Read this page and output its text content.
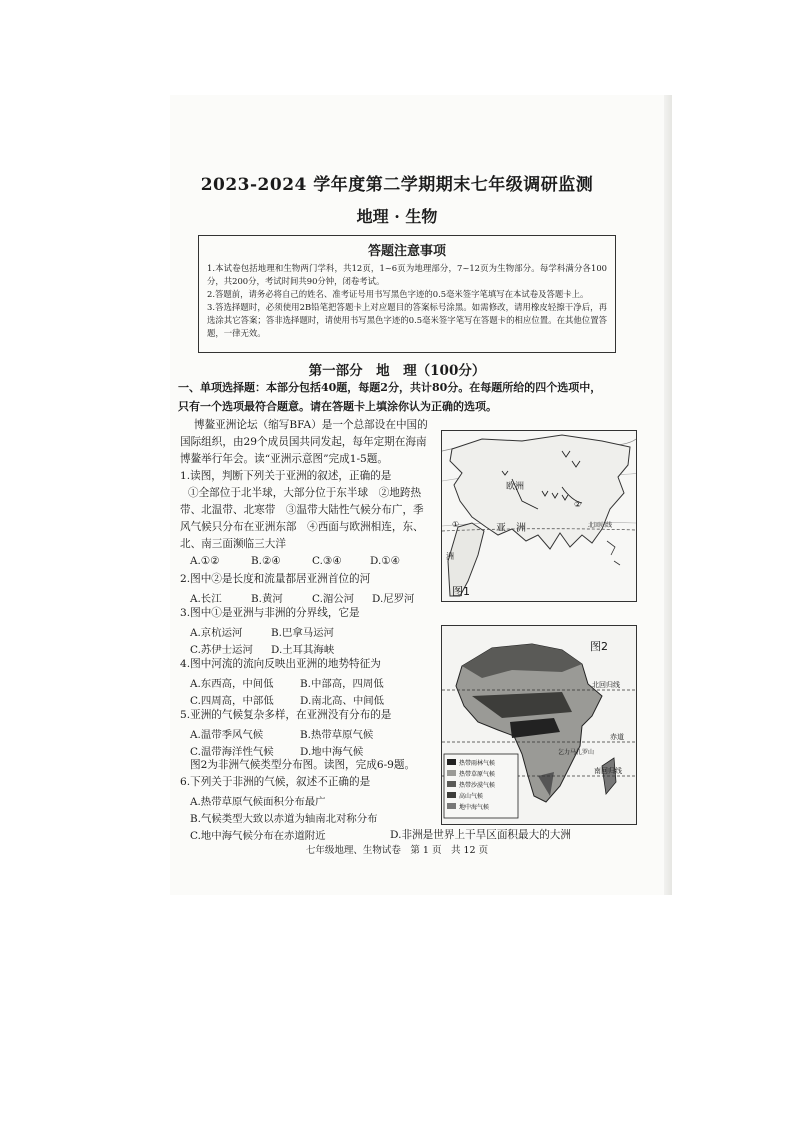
2023-2024 学年度第二学期期末七年级调研监测
地理 · 生物
答题注意事项

1.本试卷包括地理和生物两门学科，共12页，1~6页为地理部分，7~12页为生物部分。每学科满分各100分，共200分，考试时间共90分钟，闭卷考试。

2.答题前，请务必将自己的姓名、准考证号用书写黑色字迹的0.5毫米签字笔填写在本试卷及答题卡上。

3.答选择题时，必须使用2B铅笔把答题卡上对应题目的答案标号涂黑。如需修改，请用橡皮轻擦干净后，再选涂其它答案；答非选择题时，请使用书写黑色字迹的0.5毫米签字笔写在答题卡的相应位置。在其他位置答题，一律无效。

第一部分　地　理（100分）
一、单项选择题：本部分包括40题，每题2分，共计80分。在每题所给的四个选项中，
只有一个选项最符合题意。请在答题卡上填涂你认为正确的选项。
博鳌亚洲论坛（缩写BFA）是一个总部设在中国的
国际组织，由29个成员国共同发起，每年定期在海南
博鳌举行年会。读“亚洲示意图”完成1-5题。
1.读图，判断下列关于亚洲的叙述，正确的是
①全部位于北半球，大部分位于东半球　②地跨热
带、北温带、北寒带　③温带大陆性气候分布广，季
风气候只分布在亚洲东部　④西面与欧洲相连，东、
北、南三面濒临三大洋
A.①②	B.②④	C.③④	D.①④
2.图中②是长度和流量都居亚洲首位的河
A.长江	B.黄河	C.湄公河 D.尼罗河
3.图中①是亚洲与非洲的分界线，它是
A.京杭运河	B.巴拿马运河
C.苏伊士运河 D.土耳其海峡
4.图中河流的流向反映出亚洲的地势特征为
A.东西高，中间低	B.中部高，四周低
C.四周高，中部低	D.南北高、中间低
5.亚洲的气候复杂多样，在亚洲没有分布的是
A.温带季风气候	B.热带草原气候
C.温带海洋性气候	D.地中海气候
图2为非洲气候类型分布图。读图，完成6-9题。
6.下列关于非洲的气候，叙述不正确的是
A.热带草原气候面积分布最广
B.气候类型大致以赤道为轴南北对称分布
C.地中海气候分布在赤道附近	D.非洲是世界上干旱区面积最大的大洲
欧洲
亚　洲
洲
①
②
北回归线
图1
热带雨林气候
热带草原气候
热带沙漠气候
高山气候
地中海气候
图2
北回归线
赤道
南回归线
乞力马扎罗山
七年级地理、生物试卷　第 1 页　共 12 页
